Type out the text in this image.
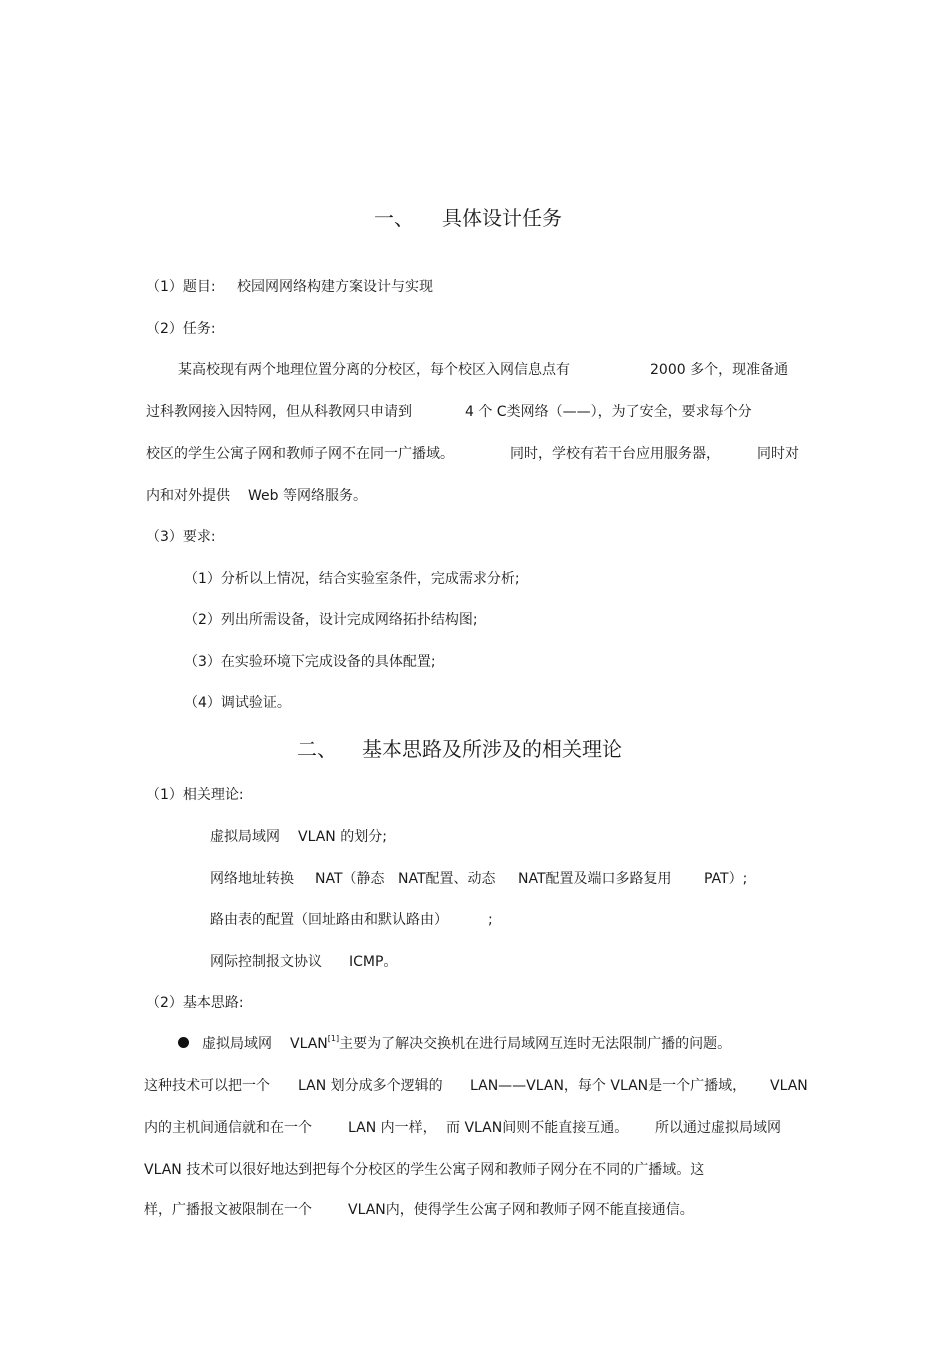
一、 具体设计任务
（1）题目: 校园网网络构建方案设计与实现
（2）任务:
某高校现有两个地理位置分离的分校区，每个校区入网信息点有	2000 多个，现准备通
过科教网接入因特网，但从科教网只申请到	4 个 C类网络（——），为了安全，要求每个分
校区的学生公寓子网和教师子网不在同一广播域。	同时，学校有若干台应用服务器，	同时对
内和对外提供 Web 等网络服务。
（3）要求:
（1）分析以上情况，结合实验室条件，完成需求分析;
（2）列出所需设备，设计完成网络拓扑结构图;
（3）在实验环境下完成设备的具体配置;
（4）调试验证。
二、 基本思路及所涉及的相关理论
（1）相关理论:
虚拟局域网 VLAN 的划分;
网络地址转换 NAT（静态 NAT配置、动态 NAT配置及端口多路复用 PAT）;
路由表的配置（回址路由和默认路由）	;
网际控制报文协议 ICMP。
（2）基本思路:
虚拟局域网 VLAN[1]主要为了解决交换机在进行局域网互连时无法限制广播的问题。
这种技术可以把一个 LAN 划分成多个逻辑的 LAN——VLAN，每个 VLAN是一个广播域， VLAN
内的主机间通信就和在一个	LAN 内一样， 而 VLAN间则不能直接互通。 所以通过虚拟局域网
VLAN 技术可以很好地达到把每个分校区的学生公寓子网和教师子网分在不同的广播域。这
样，广播报文被限制在一个	VLAN内，使得学生公寓子网和教师子网不能直接通信。
